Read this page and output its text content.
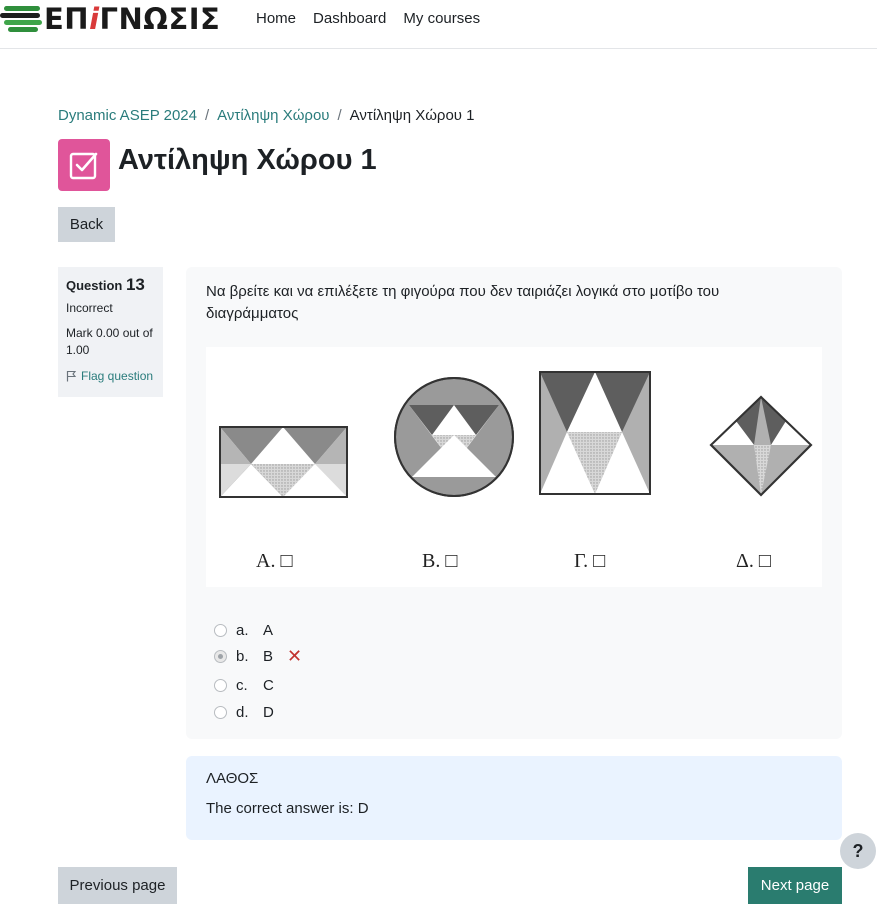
ΕΠiΓΝΩΣΙΣ Home Dashboard My courses
Dynamic ASEP 2024 / Αντίληψη Χώρου / Αντίληψη Χώρου 1
Αντίληψη Χώρου 1
Back
Question 13
Incorrect
Mark 0.00 out of 1.00
Flag question
Να βρείτε και να επιλέξετε τη φιγούρα που δεν ταιριάζει λογικά στο μοτίβο του διαγράμματος
Α. □	Β. □	Γ. □	Δ. □
a. A
b. B ✕
c.	C
d. D
ΛΑΘΟΣ
The correct answer is: D
Previous page	Next page
?
